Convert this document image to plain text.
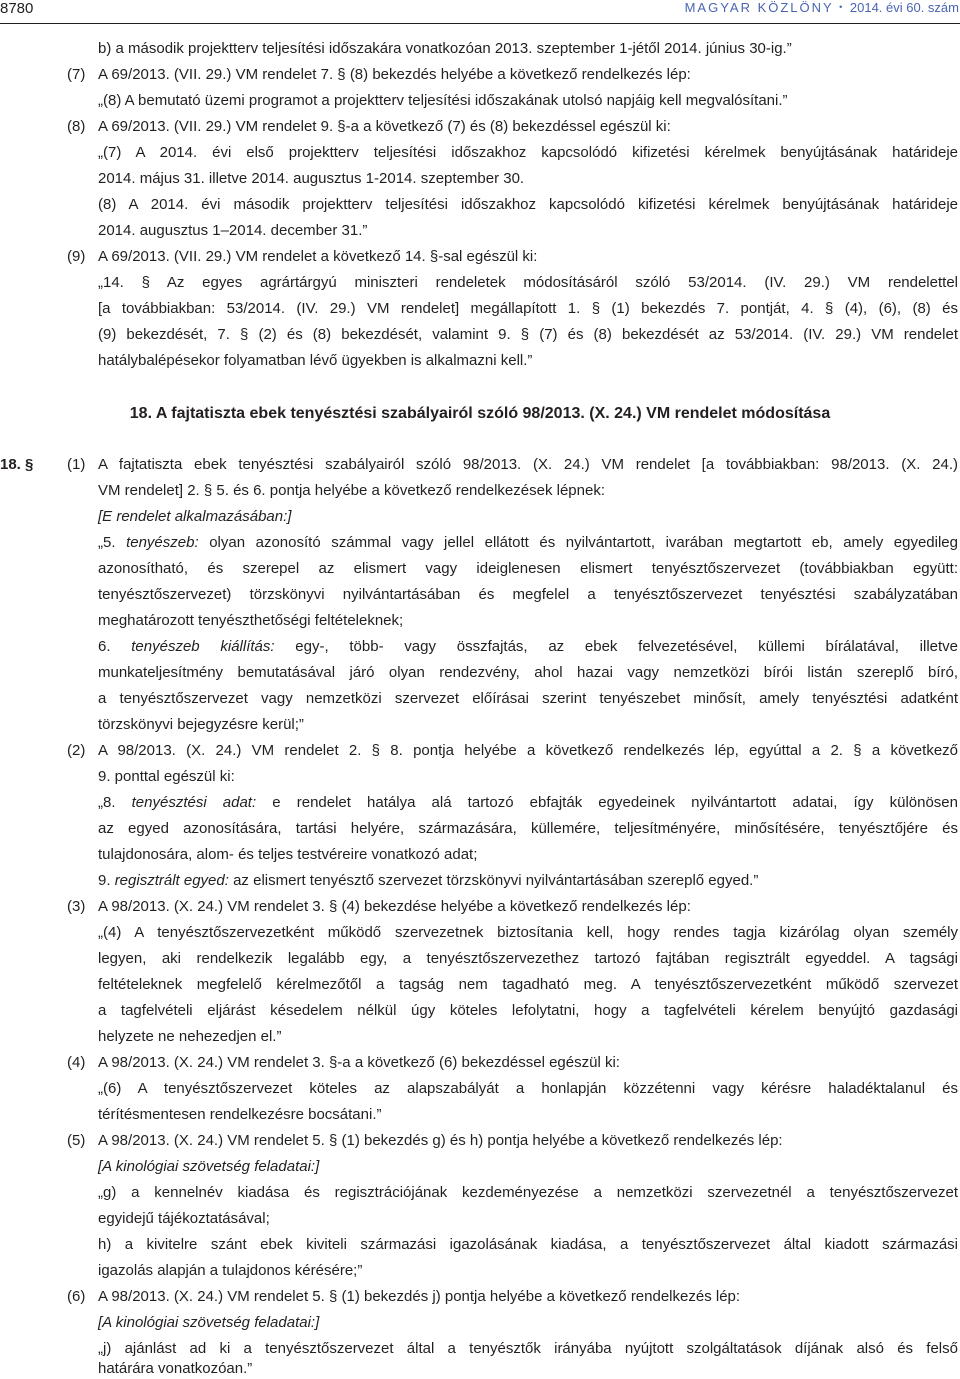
8780	MAGYAR KÖZLÖNY • 2014. évi 60. szám
b) a második projektterv teljesítési időszakára vonatkozóan 2013. szeptember 1-jétől 2014. június 30-ig.”
(7) A 69/2013. (VII. 29.) VM rendelet 7. § (8) bekezdés helyébe a következő rendelkezés lép:
„(8) A bemutató üzemi programot a projektterv teljesítési időszakának utolsó napjáig kell megvalósítani.”
(8) A 69/2013. (VII. 29.) VM rendelet 9. §-a a következő (7) és (8) bekezdéssel egészül ki:
„(7) A 2014. évi első projektterv teljesítési időszakhoz kapcsolódó kifizetési kérelmek benyújtásának határideje
2014. május 31. illetve 2014. augusztus 1-2014. szeptember 30.
(8) A 2014. évi második projektterv teljesítési időszakhoz kapcsolódó kifizetési kérelmek benyújtásának határideje
2014. augusztus 1–2014. december 31.”
(9) A 69/2013. (VII. 29.) VM rendelet a következő 14. §-sal egészül ki:
„14. § Az egyes agrártárgyú miniszteri rendeletek módosításáról szóló 53/2014. (IV. 29.) VM rendelettel
[a továbbiakban: 53/2014. (IV. 29.) VM rendelet] megállapított 1. § (1) bekezdés 7. pontját, 4. § (4), (6), (8) és
(9) bekezdését, 7. § (2) és (8) bekezdését, valamint 9. § (7) és (8) bekezdését az 53/2014. (IV. 29.) VM rendelet
hatálybalépésekor folyamatban lévő ügyekben is alkalmazni kell.”
18. A fajtatiszta ebek tenyésztési szabályairól szóló 98/2013. (X. 24.) VM rendelet módosítása
18. § (1) A fajtatiszta ebek tenyésztési szabályairól szóló 98/2013. (X. 24.) VM rendelet [a továbbiakban: 98/2013. (X. 24.)
VM rendelet] 2. § 5. és 6. pontja helyébe a következő rendelkezések lépnek:
[E rendelet alkalmazásában:]
„5. tenyészeb: olyan azonosító számmal vagy jellel ellátott és nyilvántartott, ivarában megtartott eb, amely egyedileg
azonosítható, és szerepel az elismert vagy ideiglenesen elismert tenyésztőszervezet (továbbiakban együtt:
tenyésztőszervezet) törzskönyvi nyilvántartásában és megfelel a tenyésztőszervezet tenyésztési szabályzatában
meghatározott tenyészthetőségi feltételeknek;
6. tenyészeb kiállítás: egy-, több- vagy összfajtás, az ebek felvezetésével, küllemi bírálatával, illetve
munkateljesítmény bemutatásával járó olyan rendezvény, ahol hazai vagy nemzetközi bírói listán szereplő bíró,
a tenyésztőszervezet vagy nemzetközi szervezet előírásai szerint tenyészebet minősít, amely tenyésztési adatként
törzskönyvi bejegyzésre kerül;”
(2) A 98/2013. (X. 24.) VM rendelet 2. § 8. pontja helyébe a következő rendelkezés lép, egyúttal a 2. § a következő
9. ponttal egészül ki:
„8. tenyésztési adat: e rendelet hatálya alá tartozó ebfajták egyedeinek nyilvántartott adatai, így különösen
az egyed azonosítására, tartási helyére, származására, küllemére, teljesítményére, minősítésére, tenyésztőjére és
tulajdonosára, alom- és teljes testvéreire vonatkozó adat;
9. regisztrált egyed: az elismert tenyésztő szervezet törzskönyvi nyilvántartásában szereplő egyed.”
(3) A 98/2013. (X. 24.) VM rendelet 3. § (4) bekezdése helyébe a következő rendelkezés lép:
„(4) A tenyésztőszervezetként működő szervezetnek biztosítania kell, hogy rendes tagja kizárólag olyan személy
legyen, aki rendelkezik legalább egy, a tenyésztőszervezethez tartozó fajtában regisztrált egyeddel. A tagsági
feltételeknek megfelelő kérelmezőtől a tagság nem tagadható meg. A tenyésztőszervezetként működő szervezet
a tagfelvételi eljárást késedelem nélkül úgy köteles lefolytatni, hogy a tagfelvételi kérelem benyújtó gazdasági
helyzete ne nehezedjen el.”
(4) A 98/2013. (X. 24.) VM rendelet 3. §-a a következő (6) bekezdéssel egészül ki:
„(6) A tenyésztőszervezet köteles az alapszabályát a honlapján közzétenni vagy kérésre haladéktalanul és
térítésmentesen rendelkezésre bocsátani.”
(5) A 98/2013. (X. 24.) VM rendelet 5. § (1) bekezdés g) és h) pontja helyébe a következő rendelkezés lép:
[A kinológiai szövetség feladatai:]
„g) a kennelnév kiadása és regisztrációjának kezdeményezése a nemzetközi szervezetnél a tenyésztőszervezet
egyidejű tájékoztatásával;
h) a kivitelre szánt ebek kiviteli származási igazolásának kiadása, a tenyésztőszervezet által kiadott származási
igazolás alapján a tulajdonos kérésére;”
(6) A 98/2013. (X. 24.) VM rendelet 5. § (1) bekezdés j) pontja helyébe a következő rendelkezés lép:
[A kinológiai szövetség feladatai:]
„j) ajánlást ad ki a tenyésztőszervezet által a tenyésztők irányába nyújtott szolgáltatások díjának alsó és felső
határára vonatkozóan.”
